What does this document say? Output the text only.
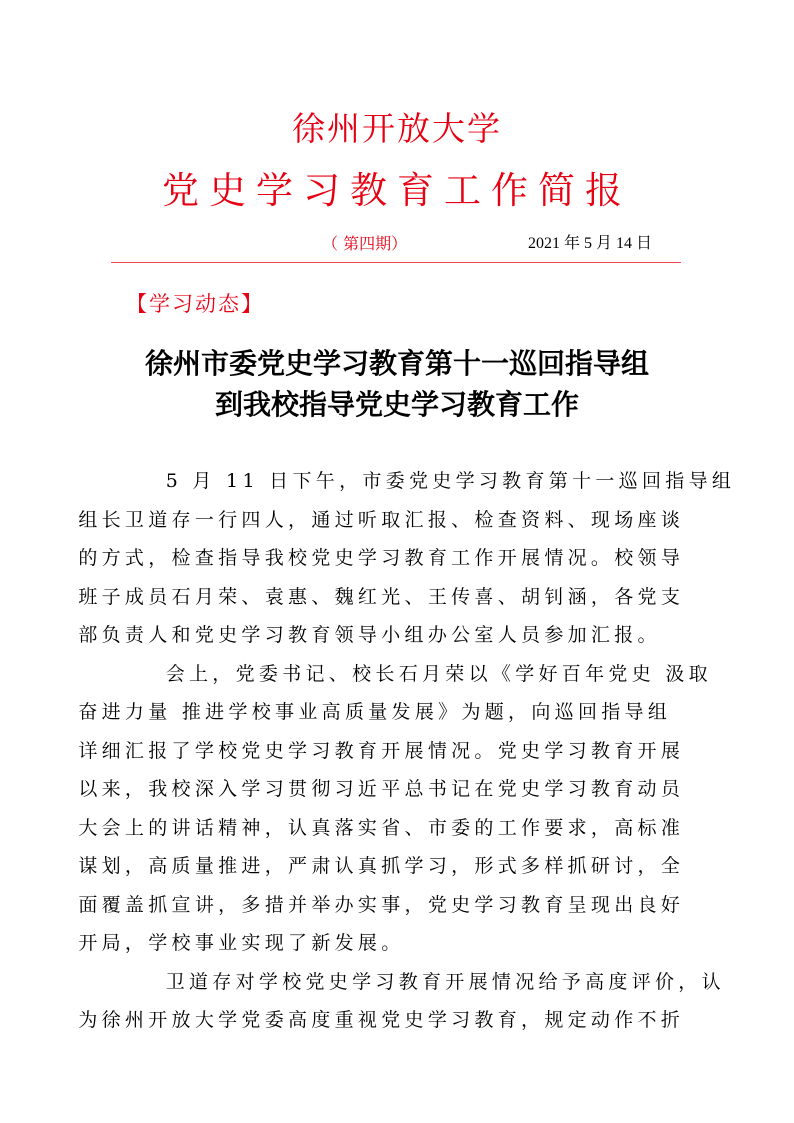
徐州开放大学
党史学习教育工作简报
（ 第四期）	2021 年 5 月 14 日
【学习动态】
徐州市委党史学习教育第十一巡回指导组
到我校指导党史学习教育工作

5 月 11 日下午，市委党史学习教育第十一巡回指导组
组长卫道存一行四人，通过听取汇报、检查资料、现场座谈
的方式，检查指导我校党史学习教育工作开展情况。校领导
班子成员石月荣、袁惠、魏红光、王传喜、胡钊涵，各党支
部负责人和党史学习教育领导小组办公室人员参加汇报。

会上，党委书记、校长石月荣以《学好百年党史 汲取
奋进力量 推进学校事业高质量发展》为题，向巡回指导组
详细汇报了学校党史学习教育开展情况。党史学习教育开展
以来，我校深入学习贯彻习近平总书记在党史学习教育动员
大会上的讲话精神，认真落实省、市委的工作要求，高标准
谋划，高质量推进，严肃认真抓学习，形式多样抓研讨，全
面覆盖抓宣讲，多措并举办实事，党史学习教育呈现出良好
开局，学校事业实现了新发展。

卫道存对学校党史学习教育开展情况给予高度评价，认
为徐州开放大学党委高度重视党史学习教育，规定动作不折
